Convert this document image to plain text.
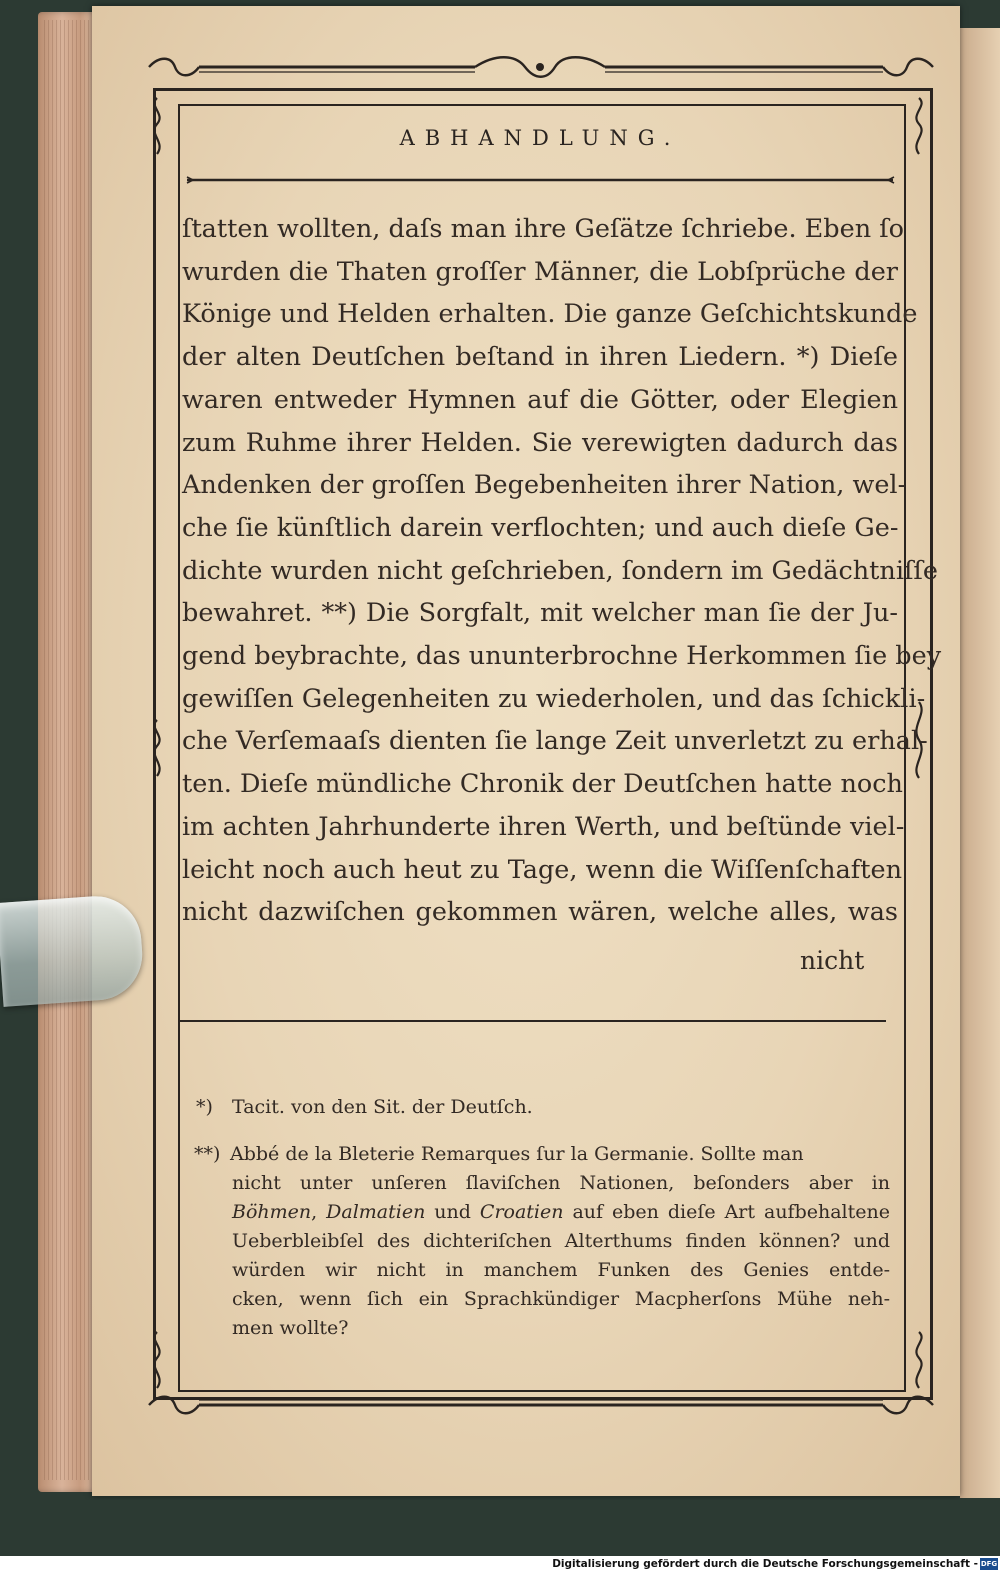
ABHANDLUNG.
ſtatten wollten, daſs man ihre Geſätze ſchriebe. Eben ſo
wurden die Thaten groſſer Männer, die Lobſprüche der
Könige und Helden erhalten. Die ganze Geſchichtskunde
der alten Deutſchen beſtand in ihren Liedern. *) Dieſe
waren entweder Hymnen auf die Götter, oder Elegien
zum Ruhme ihrer Helden. Sie verewigten dadurch das
Andenken der groſſen Begebenheiten ihrer Nation, wel-
che ſie künſtlich darein verflochten; und auch dieſe Ge-
dichte wurden nicht geſchrieben, ſondern im Gedächtniſſe
bewahret. **) Die Sorgfalt, mit welcher man ſie der Ju-
gend beybrachte, das ununterbrochne Herkommen ſie bey
gewiſſen Gelegenheiten zu wiederholen, und das ſchickli-
che Verſemaaſs dienten ſie lange Zeit unverletzt zu erhal-
ten. Dieſe mündliche Chronik der Deutſchen hatte noch
im achten Jahrhunderte ihren Werth, und beſtünde viel-
leicht noch auch heut zu Tage, wenn die Wiſſenſchaften
nicht dazwiſchen gekommen wären, welche alles, was
nicht
*) Tacit. von den Sit. der Deutſch.
**) Abbé de la Bleterie Remarques ſur la Germanie. Sollte man
nicht unter unſeren ſlaviſchen Nationen, beſonders aber in
Böhmen, Dalmatien und Croatien auf eben dieſe Art aufbehaltene
Ueberbleibſel des dichteriſchen Alterthums finden können? und
würden wir nicht in manchem Funken des Genies entde-
cken, wenn ſich ein Sprachkündiger Macpherſons Mühe neh-
men wollte?
Digitalisierung gefördert durch die Deutsche Forschungsgemeinschaft - DFG
